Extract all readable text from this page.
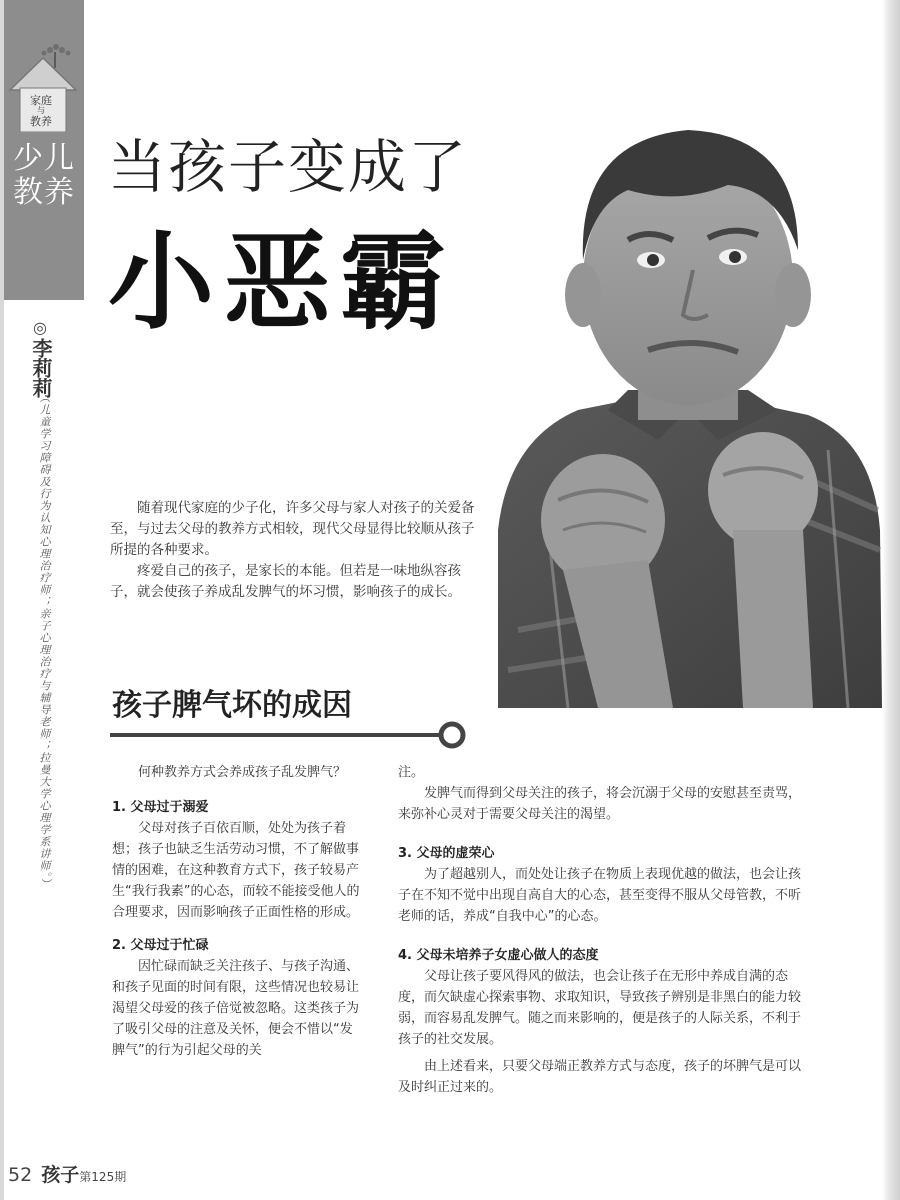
家庭
与
教养
少儿
教养
◎
李莉莉
（儿童学习障碍及行为认知心理治疗师；亲子心理治疗与辅导老师；拉曼大学心理学系讲师。）
当孩子变成了
小恶霸

随着现代家庭的少子化，许多父母与家人对孩子的关爱备至，与过去父母的教养方式相较，现代父母显得比较顺从孩子所提的各种要求。

疼爱自己的孩子，是家长的本能。但若是一味地纵容孩子，就会使孩子养成乱发脾气的坏习惯，影响孩子的成长。

孩子脾气坏的成因

何种教养方式会养成孩子乱发脾气？

1. 父母过于溺爱

父母对孩子百依百顺，处处为孩子着想；孩子也缺乏生活劳动习惯，不了解做事情的困难，在这种教育方式下，孩子较易产生“我行我素”的心态，而较不能接受他人的合理要求，因而影响孩子正面性格的形成。

2. 父母过于忙碌

因忙碌而缺乏关注孩子、与孩子沟通、和孩子见面的时间有限，这些情况也较易让渴望父母爱的孩子倍觉被忽略。这类孩子为了吸引父母的注意及关怀，便会不惜以“发脾气”的行为引起父母的关

注。

发脾气而得到父母关注的孩子，将会沉溺于父母的安慰甚至责骂，来弥补心灵对于需要父母关注的渴望。

3. 父母的虚荣心

为了超越别人，而处处让孩子在物质上表现优越的做法，也会让孩子在不知不觉中出现自高自大的心态，甚至变得不服从父母管教，不听老师的话，养成“自我中心”的心态。

4. 父母未培养子女虚心做人的态度

父母让孩子要风得风的做法，也会让孩子在无形中养成自满的态度，而欠缺虚心探索事物、求取知识，导致孩子辨别是非黑白的能力较弱，而容易乱发脾气。随之而来影响的，便是孩子的人际关系，不利于孩子的社交发展。

由上述看来，只要父母端正教养方式与态度，孩子的坏脾气是可以及时纠正过来的。

52 孩子第125期
